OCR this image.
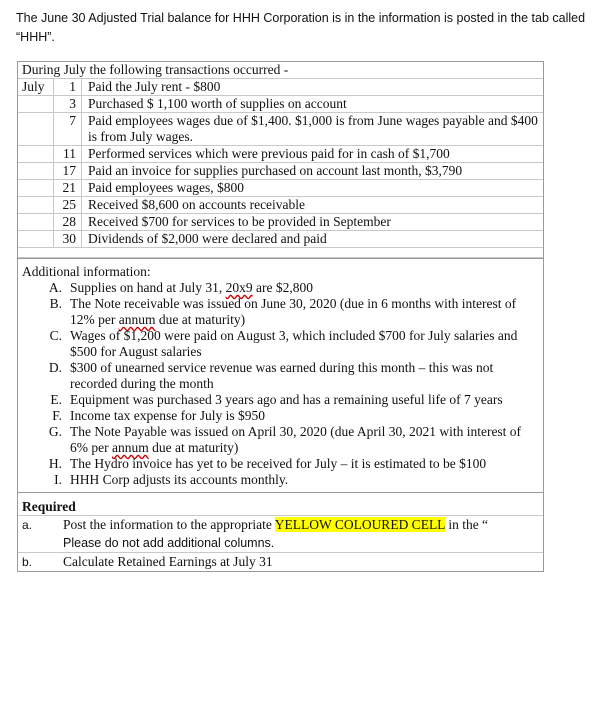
The June 30 Adjusted Trial balance for HHH Corporation is in the information is posted in the tab called “HHH”.
During July the following transactions occurred -
July	1 Paid the July rent - $800
3 Purchased $ 1,100 worth of supplies on account
7 Paid employees wages due of $1,400. $1,000 is from June wages payable and $400 is from July wages.
11 Performed services which were previous paid for in cash of $1,700
17 Paid an invoice for supplies purchased on account last month, $3,790
21 Paid employees wages, $800
25 Received $8,600 on accounts receivable
28 Received $700 for services to be provided in September
30 Dividends of $2,000 were declared and paid
Additional information:
A. Supplies on hand at July 31, 20x9 are $2,800
B. The Note receivable was issued on June 30, 2020 (due in 6 months with interest of 12% per annum due at maturity)
C. Wages of $1,200 were paid on August 3, which included $700 for July salaries and $500 for August salaries
D. $300 of unearned service revenue was earned during this month – this was not recorded during the month
E. Equipment was purchased 3 years ago and has a remaining useful life of 7 years
F. Income tax expense for July is $950
G. The Note Payable was issued on April 30, 2020 (due April 30, 2021 with interest of 6% per annum due at maturity)
H. The Hydro invoice has yet to be received for July – it is estimated to be $100
I. HHH Corp adjusts its accounts monthly.
Required
a.	Post the information to the appropriate YELLOW COLOURED CELL in the “
Please do not add additional columns.
b.	Calculate Retained Earnings at July 31
